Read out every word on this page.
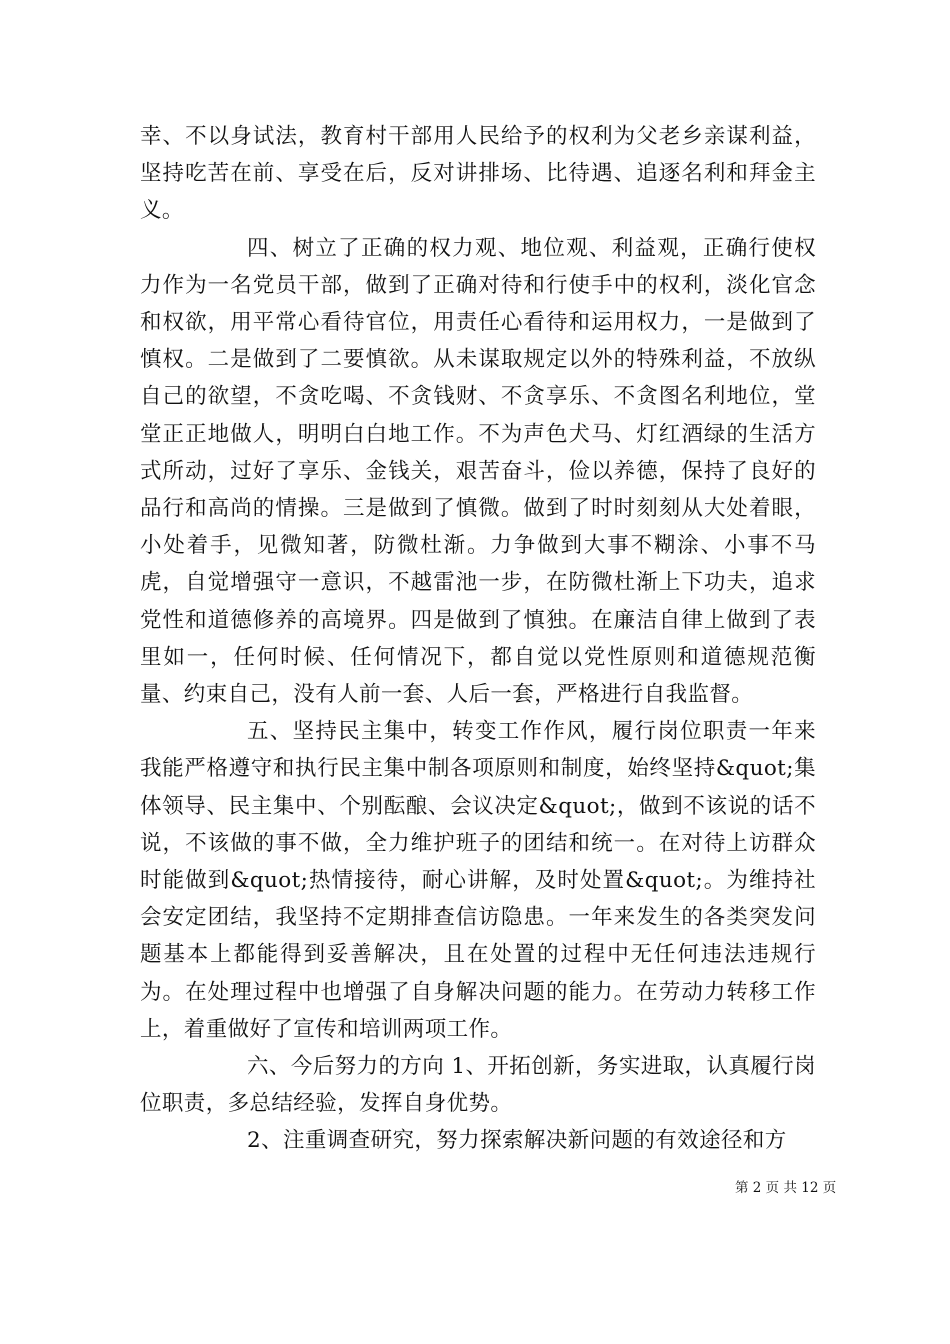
幸、不以身试法，教育村干部用人民给予的权利为父老乡亲谋利益，坚持吃苦在前、享受在后，反对讲排场、比待遇、追逐名利和拜金主义。

四、树立了正确的权力观、地位观、利益观，正确行使权力作为一名党员干部，做到了正确对待和行使手中的权利，淡化官念和权欲，用平常心看待官位，用责任心看待和运用权力，一是做到了慎权。二是做到了二要慎欲。从未谋取规定以外的特殊利益，不放纵自己的欲望，不贪吃喝、不贪钱财、不贪享乐、不贪图名利地位，堂堂正正地做人，明明白白地工作。不为声色犬马、灯红酒绿的生活方式所动，过好了享乐、金钱关，艰苦奋斗，俭以养德，保持了良好的品行和高尚的情操。三是做到了慎微。做到了时时刻刻从大处着眼，小处着手，见微知著，防微杜渐。力争做到大事不糊涂、小事不马虎，自觉增强守一意识，不越雷池一步，在防微杜渐上下功夫，追求党性和道德修养的高境界。四是做到了慎独。在廉洁自律上做到了表里如一，任何时候、任何情况下，都自觉以党性原则和道德规范衡量、约束自己，没有人前一套、人后一套，严格进行自我监督。

五、坚持民主集中，转变工作作风，履行岗位职责一年来我能严格遵守和执行民主集中制各项原则和制度，始终坚持&quot;集体领导、民主集中、个别酝酿、会议决定&quot;，做到不该说的话不说，不该做的事不做，全力维护班子的团结和统一。在对待上访群众时能做到&quot;热情接待，耐心讲解，及时处置&quot;。为维持社会安定团结，我坚持不定期排查信访隐患。一年来发生的各类突发问题基本上都能得到妥善解决，且在处置的过程中无任何违法违规行为。在处理过程中也增强了自身解决问题的能力。在劳动力转移工作上，着重做好了宣传和培训两项工作。

六、今后努力的方向 1、开拓创新，务实进取，认真履行岗位职责，多总结经验，发挥自身优势。

2、注重调查研究，努力探索解决新问题的有效途径和方

第 2 页 共 12 页
